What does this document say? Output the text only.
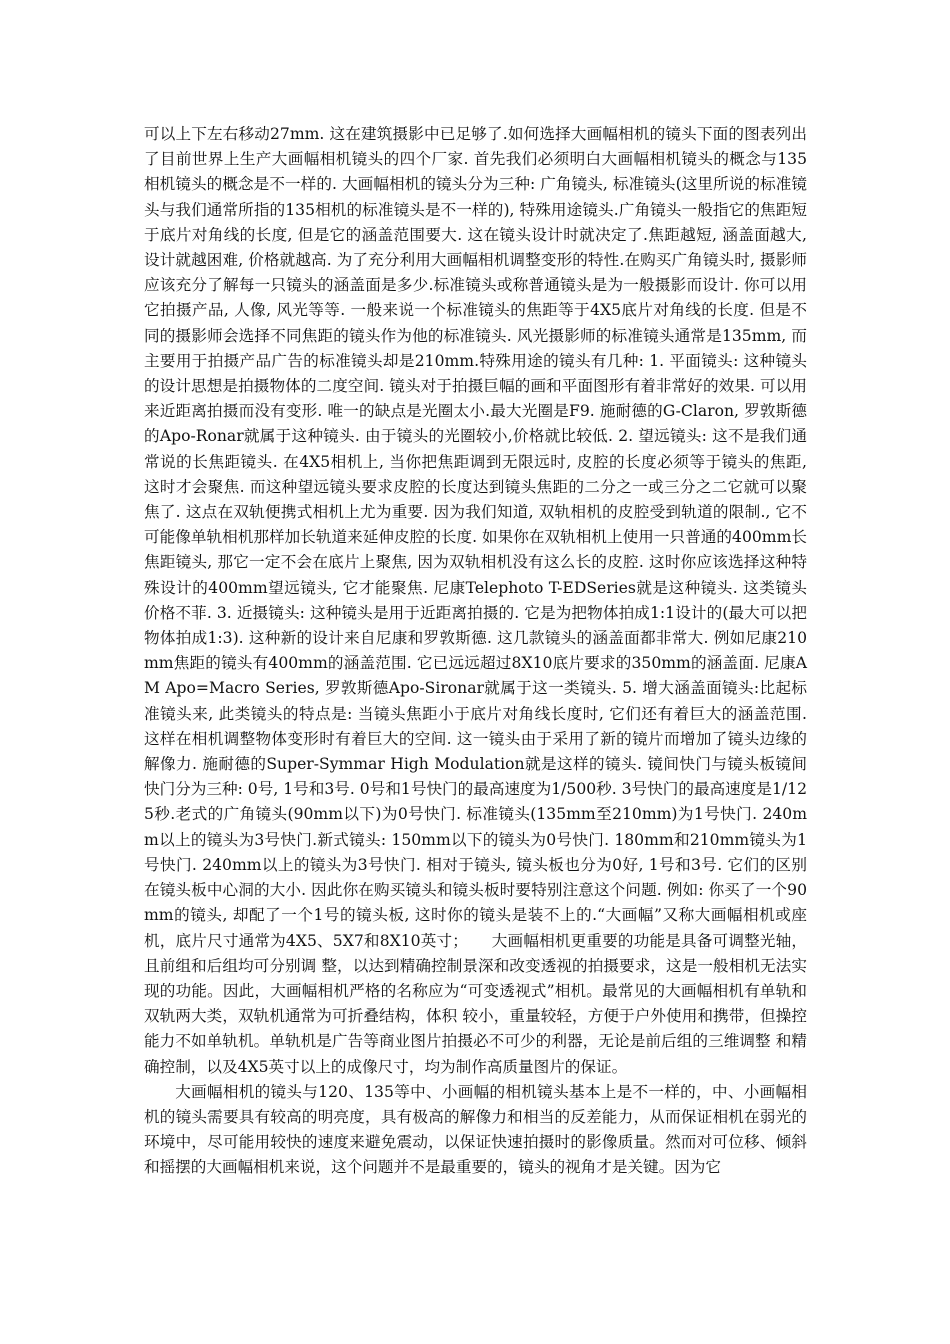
可以上下左右移动27mm. 这在建筑摄影中已足够了.如何选择大画幅相机的镜头下面的图表列出了目前世界上生产大画幅相机镜头的四个厂家. 首先我们必须明白大画幅相机镜头的概念与135相机镜头的概念是不一样的. 大画幅相机的镜头分为三种: 广角镜头, 标准镜头(这里所说的标准镜头与我们通常所指的135相机的标准镜头是不一样的), 特殊用途镜头.广角镜头一般指它的焦距短于底片对角线的长度, 但是它的涵盖范围要大. 这在镜头设计时就决定了.焦距越短, 涵盖面越大, 设计就越困难, 价格就越高. 为了充分利用大画幅相机调整变形的特性.在购买广角镜头时, 摄影师应该充分了解每一只镜头的涵盖面是多少.标准镜头或称普通镜头是为一般摄影而设计. 你可以用它拍摄产品, 人像, 风光等等. 一般来说一个标准镜头的焦距等于4X5底片对角线的长度. 但是不同的摄影师会选择不同焦距的镜头作为他的标准镜头. 风光摄影师的标准镜头通常是135mm, 而主要用于拍摄产品广告的标准镜头却是210mm.特殊用途的镜头有几种: 1. 平面镜头: 这种镜头的设计思想是拍摄物体的二度空间. 镜头对于拍摄巨幅的画和平面图形有着非常好的效果. 可以用来近距离拍摄而没有变形. 唯一的缺点是光圈太小.最大光圈是F9. 施耐德的G-Claron, 罗敦斯德的Apo-Ronar就属于这种镜头. 由于镜头的光圈较小,价格就比较低. 2. 望远镜头: 这不是我们通常说的长焦距镜头. 在4X5相机上, 当你把焦距调到无限远时, 皮腔的长度必须等于镜头的焦距, 这时才会聚焦. 而这种望远镜头要求皮腔的长度达到镜头焦距的二分之一或三分之二它就可以聚焦了. 这点在双轨便携式相机上尤为重要. 因为我们知道, 双轨相机的皮腔受到轨道的限制., 它不可能像单轨相机那样加长轨道来延伸皮腔的长度. 如果你在双轨相机上使用一只普通的400mm长焦距镜头, 那它一定不会在底片上聚焦, 因为双轨相机没有这么长的皮腔. 这时你应该选择这种特殊设计的400mm望远镜头, 它才能聚焦. 尼康Telephoto T-EDSeries就是这种镜头. 这类镜头价格不菲. 3. 近摄镜头: 这种镜头是用于近距离拍摄的. 它是为把物体拍成1:1设计的(最大可以把物体拍成1:3). 这种新的设计来自尼康和罗敦斯德. 这几款镜头的涵盖面都非常大. 例如尼康210mm焦距的镜头有400mm的涵盖范围. 它已远远超过8X10底片要求的350mm的涵盖面. 尼康AM Apo=Macro Series, 罗敦斯德Apo-Sironar就属于这一类镜头. 5. 增大涵盖面镜头:比起标准镜头来, 此类镜头的特点是: 当镜头焦距小于底片对角线长度时, 它们还有着巨大的涵盖范围. 这样在相机调整物体变形时有着巨大的空间. 这一镜头由于采用了新的镜片而增加了镜头边缘的解像力. 施耐德的Super-Symmar High Modulation就是这样的镜头. 镜间快门与镜头板镜间快门分为三种: 0号, 1号和3号. 0号和1号快门的最高速度为1/500秒. 3号快门的最高速度是1/125秒.老式的广角镜头(90mm以下)为0号快门. 标准镜头(135mm至210mm)为1号快门. 240mm以上的镜头为3号快门.新式镜头: 150mm以下的镜头为0号快门. 180mm和210mm镜头为1号快门. 240mm以上的镜头为3号快门. 相对于镜头, 镜头板也分为0好, 1号和3号. 它们的区别在镜头板中心洞的大小. 因此你在购买镜头和镜头板时要特别注意这个问题. 例如: 你买了一个90mm的镜头, 却配了一个1号的镜头板, 这时你的镜头是装不上的.“大画幅”又称大画幅相机或座机，底片尺寸通常为4X5、5X7和8X10英寸；　　大画幅相机更重要的功能是具备可调整光轴，且前组和后组均可分别调 整，以达到精确控制景深和改变透视的拍摄要求，这是一般相机无法实现的功能。因此，大画幅相机严格的名称应为“可变透视式”相机。最常见的大画幅相机有单轨和双轨两大类，双轨机通常为可折叠结构，体积 较小，重量较轻，方便于户外使用和携带，但操控能力不如单轨机。单轨机是广告等商业图片拍摄必不可少的利器，无论是前后组的三维调整 和精确控制，以及4X5英寸以上的成像尺寸，均为制作高质量图片的保证。

大画幅相机的镜头与120、135等中、小画幅的相机镜头基本上是不一样的，中、小画幅相机的镜头需要具有较高的明亮度，具有极高的解像力和相当的反差能力，从而保证相机在弱光的环境中，尽可能用较快的速度来避免震动，以保证快速拍摄时的影像质量。然而对可位移、倾斜和摇摆的大画幅相机来说，这个问题并不是最重要的，镜头的视角才是关键。因为它
